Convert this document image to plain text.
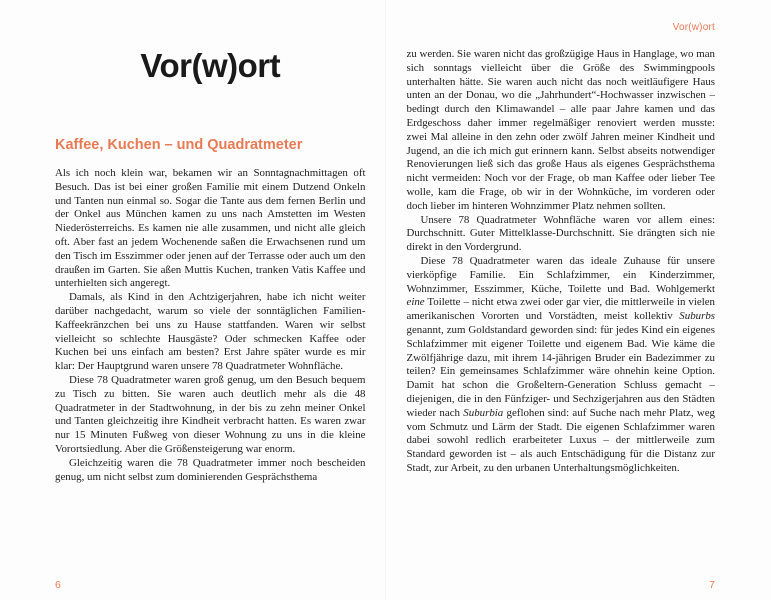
Vor(w)ort
Kaffee, Kuchen – und Quadratmeter

Als ich noch klein war, bekamen wir an Sonntagnachmittagen oft Besuch. Das ist bei einer großen Familie mit einem Dutzend Onkeln und Tanten nun einmal so. Sogar die Tante aus dem fernen Berlin und der Onkel aus München kamen zu uns nach Amstetten im Westen Niederösterreichs. Es kamen nie alle zusammen, und nicht alle gleich oft. Aber fast an jedem Wochenende saßen die Erwachsenen rund um den Tisch im Esszimmer oder jenen auf der Terrasse oder auch um den draußen im Garten. Sie aßen Muttis Kuchen, tranken Vatis Kaffee und unterhielten sich angeregt.

Damals, als Kind in den Achtzigerjahren, habe ich nicht weiter darüber nachgedacht, warum so viele der sonntäglichen Familien-Kaffeekränzchen bei uns zu Hause stattfanden. Waren wir selbst vielleicht so schlechte Hausgäste? Oder schmecken Kaffee oder Kuchen bei uns einfach am besten? Erst Jahre später wurde es mir klar: Der Hauptgrund waren unsere 78 Quadratmeter Wohnfläche.

Diese 78 Quadratmeter waren groß genug, um den Besuch bequem zu Tisch zu bitten. Sie waren auch deutlich mehr als die 48 Quadratmeter in der Stadtwohnung, in der bis zu zehn meiner Onkel und Tanten gleichzeitig ihre Kindheit verbracht hatten. Es waren zwar nur 15 Minuten Fußweg von dieser Wohnung zu uns in die kleine Vorortsiedlung. Aber die Größensteigerung war enorm.

Gleichzeitig waren die 78 Quadratmeter immer noch bescheiden genug, um nicht selbst zum dominierenden Gesprächsthema

6
Vor(w)ort

zu werden. Sie waren nicht das großzügige Haus in Hanglage, wo man sich sonntags vielleicht über die Größe des Swimmingpools unterhalten hätte. Sie waren auch nicht das noch weitläufigere Haus unten an der Donau, wo die „Jahrhundert“-Hochwasser inzwischen – bedingt durch den Klimawandel – alle paar Jahre kamen und das Erdgeschoss daher immer regelmäßiger renoviert werden musste: zwei Mal alleine in den zehn oder zwölf Jahren meiner Kindheit und Jugend, an die ich mich gut erinnern kann. Selbst abseits notwendiger Renovierungen ließ sich das große Haus als eigenes Gesprächsthema nicht vermeiden: Noch vor der Frage, ob man Kaffee oder lieber Tee wolle, kam die Frage, ob wir in der Wohnküche, im vorderen oder doch lieber im hinteren Wohnzimmer Platz nehmen sollten.

Unsere 78 Quadratmeter Wohnfläche waren vor allem eines: Durchschnitt. Guter Mittelklasse-Durchschnitt. Sie drängten sich nie direkt in den Vordergrund.

Diese 78 Quadratmeter waren das ideale Zuhause für unsere vierköpfige Familie. Ein Schlafzimmer, ein Kinderzimmer, Wohnzimmer, Esszimmer, Küche, Toilette und Bad. Wohlgemerkt eine Toilette – nicht etwa zwei oder gar vier, die mittlerweile in vielen amerikanischen Vororten und Vorstädten, meist kollektiv Suburbs genannt, zum Goldstandard geworden sind: für jedes Kind ein eigenes Schlafzimmer mit eigener Toilette und eigenem Bad. Wie käme die Zwölfjährige dazu, mit ihrem 14-jährigen Bruder ein Badezimmer zu teilen? Ein gemeinsames Schlafzimmer wäre ohnehin keine Option. Damit hat schon die Großeltern-Generation Schluss gemacht – diejenigen, die in den Fünfziger- und Sechzigerjahren aus den Städten wieder nach Suburbia geflohen sind: auf Suche nach mehr Platz, weg vom Schmutz und Lärm der Stadt. Die eigenen Schlafzimmer waren dabei sowohl redlich erarbeiteter Luxus – der mittlerweile zum Standard geworden ist – als auch Entschädigung für die Distanz zur Stadt, zur Arbeit, zu den urbanen Unterhaltungsmöglichkeiten.

7
